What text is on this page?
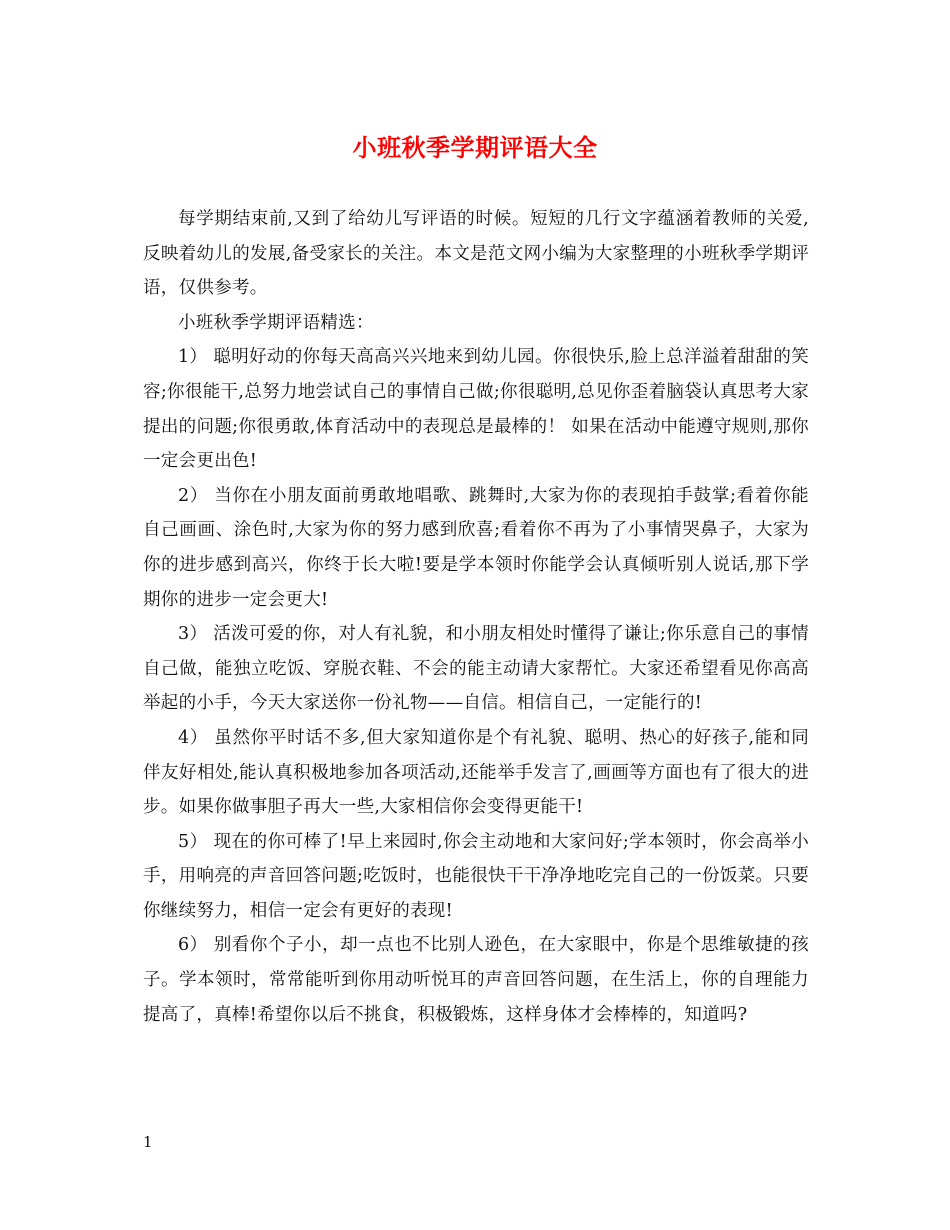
小班秋季学期评语大全

每学期结束前,又到了给幼儿写评语的时候。短短的几行文字蕴涵着教师的关爱,反映着幼儿的发展,备受家长的关注。本文是范文网小编为大家整理的小班秋季学期评语，仅供参考。

小班秋季学期评语精选：

1） 聪明好动的你每天高高兴兴地来到幼儿园。你很快乐,脸上总洋溢着甜甜的笑容;你很能干,总努力地尝试自己的事情自己做;你很聪明,总见你歪着脑袋认真思考大家提出的问题;你很勇敢,体育活动中的表现总是最棒的！ 如果在活动中能遵守规则,那你一定会更出色!

2） 当你在小朋友面前勇敢地唱歌、跳舞时,大家为你的表现拍手鼓掌;看着你能自己画画、涂色时,大家为你的努力感到欣喜;看着你不再为了小事情哭鼻子，大家为你的进步感到高兴，你终于长大啦!要是学本领时你能学会认真倾听别人说话,那下学期你的进步一定会更大!

3） 活泼可爱的你，对人有礼貌，和小朋友相处时懂得了谦让;你乐意自己的事情自己做，能独立吃饭、穿脱衣鞋、不会的能主动请大家帮忙。大家还希望看见你高高举起的小手，今天大家送你一份礼物——自信。相信自己，一定能行的!

4） 虽然你平时话不多,但大家知道你是个有礼貌、聪明、热心的好孩子,能和同伴友好相处,能认真积极地参加各项活动,还能举手发言了,画画等方面也有了很大的进步。如果你做事胆子再大一些,大家相信你会变得更能干!

5） 现在的你可棒了!早上来园时,你会主动地和大家问好;学本领时，你会高举小手，用响亮的声音回答问题;吃饭时，也能很快干干净净地吃完自己的一份饭菜。只要你继续努力，相信一定会有更好的表现!

6） 别看你个子小，却一点也不比别人逊色，在大家眼中，你是个思维敏捷的孩子。学本领时，常常能听到你用动听悦耳的声音回答问题，在生活上，你的自理能力提高了，真棒!希望你以后不挑食，积极锻炼，这样身体才会棒棒的，知道吗?

1
